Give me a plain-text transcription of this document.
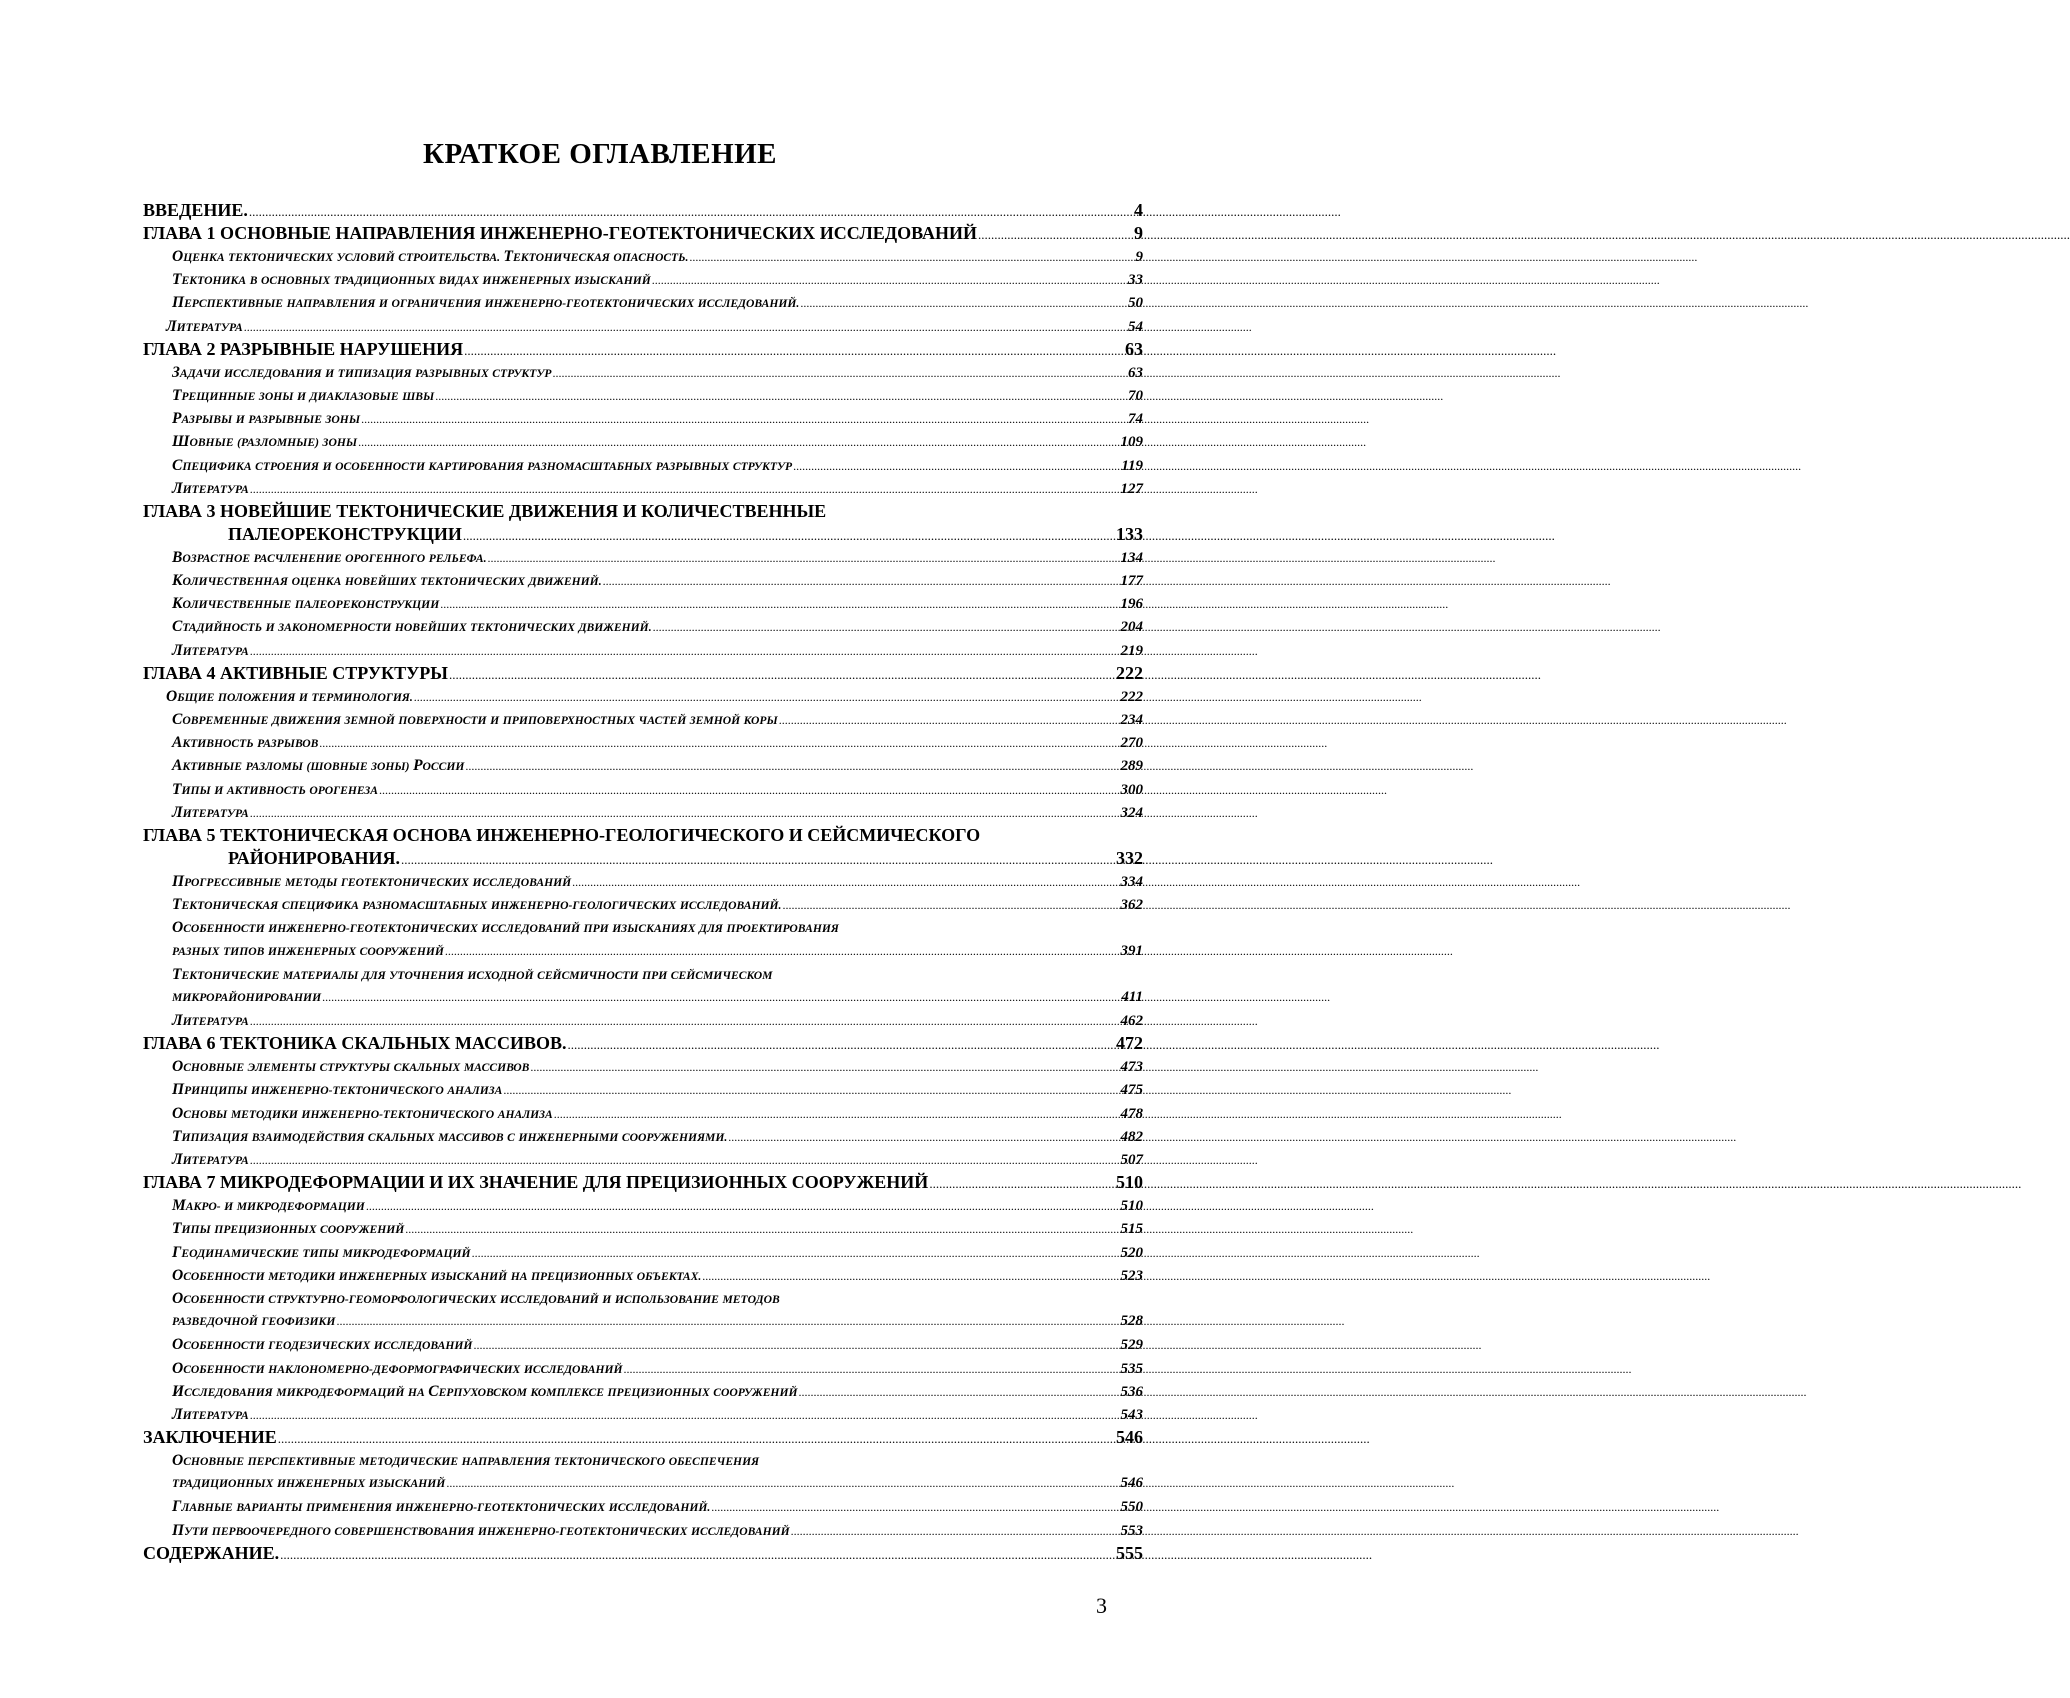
КРАТКОЕ ОГЛАВЛЕНИЕ
ВВЕДЕНИЕ.
.....	4
ГЛАВА 1 ОСНОВНЫЕ НАПРАВЛЕНИЯ ИНЖЕНЕРНО-ГЕОТЕКТОНИЧЕСКИХ ИССЛЕДОВАНИЙ
.....	9
ОЦЕНКА ТЕКТОНИЧЕСКИХ УСЛОВИЙ СТРОИТЕЛЬСТВА. ТЕКТОНИЧЕСКАЯ ОПАСНОСТЬ.
.....	9
ТЕКТОНИКА В ОСНОВНЫХ ТРАДИЦИОННЫХ ВИДАХ ИНЖЕНЕРНЫХ ИЗЫСКАНИЙ
.....	33
ПЕРСПЕКТИВНЫЕ НАПРАВЛЕНИЯ И ОГРАНИЧЕНИЯ ИНЖЕНЕРНО-ГЕОТЕКТОНИЧЕСКИХ ИССЛЕДОВАНИЙ.
.....	50
ЛИТЕРАТУРА
.....	54
ГЛАВА 2 РАЗРЫВНЫЕ НАРУШЕНИЯ
.....	63
ЗАДАЧИ ИССЛЕДОВАНИЯ И ТИПИЗАЦИЯ РАЗРЫВНЫХ СТРУКТУР
.....	63
ТРЕЩИННЫЕ ЗОНЫ И ДИАКЛАЗОВЫЕ ШВЫ
.....	70
РАЗРЫВЫ И РАЗРЫВНЫЕ ЗОНЫ
.....	74
ШОВНЫЕ (РАЗЛОМНЫЕ) ЗОНЫ
.....	109
СПЕЦИФИКА СТРОЕНИЯ И ОСОБЕННОСТИ КАРТИРОВАНИЯ РАЗНОМАСШТАБНЫХ РАЗРЫВНЫХ СТРУКТУР
.....	119
ЛИТЕРАТУРА
.....	127
ГЛАВА 3 НОВЕЙШИЕ ТЕКТОНИЧЕСКИЕ ДВИЖЕНИЯ И КОЛИЧЕСТВЕННЫЕ
ПАЛЕОРЕКОНСТРУКЦИИ
.....	133
ВОЗРАСТНОЕ РАСЧЛЕНЕНИЕ ОРОГЕННОГО РЕЛЬЕФА.
.....	134
КОЛИЧЕСТВЕННАЯ ОЦЕНКА НОВЕЙШИХ ТЕКТОНИЧЕСКИХ ДВИЖЕНИЙ.
.....	177
КОЛИЧЕСТВЕННЫЕ ПАЛЕОРЕКОНСТРУКЦИИ
.....	196
СТАДИЙНОСТЬ И ЗАКОНОМЕРНОСТИ НОВЕЙШИХ ТЕКТОНИЧЕСКИХ ДВИЖЕНИЙ.
.....	204
ЛИТЕРАТУРА
.....	219
ГЛАВА 4 АКТИВНЫЕ СТРУКТУРЫ
.....	222
ОБЩИЕ ПОЛОЖЕНИЯ И ТЕРМИНОЛОГИЯ.
.....	222
СОВРЕМЕННЫЕ ДВИЖЕНИЯ ЗЕМНОЙ ПОВЕРХНОСТИ И ПРИПОВЕРХНОСТНЫХ ЧАСТЕЙ ЗЕМНОЙ КОРЫ
.....	234
АКТИВНОСТЬ РАЗРЫВОВ
.....	270
АКТИВНЫЕ РАЗЛОМЫ (ШОВНЫЕ ЗОНЫ) РОССИИ
.....	289
ТИПЫ И АКТИВНОСТЬ ОРОГЕНЕЗА
.....	300
ЛИТЕРАТУРА
.....	324
ГЛАВА 5 ТЕКТОНИЧЕСКАЯ ОСНОВА ИНЖЕНЕРНО-ГЕОЛОГИЧЕСКОГО И СЕЙСМИЧЕСКОГО
РАЙОНИРОВАНИЯ.
.....	332
ПРОГРЕССИВНЫЕ МЕТОДЫ ГЕОТЕКТОНИЧЕСКИХ ИССЛЕДОВАНИЙ
.....	334
ТЕКТОНИЧЕСКАЯ СПЕЦИФИКА РАЗНОМАСШТАБНЫХ ИНЖЕНЕРНО-ГЕОЛОГИЧЕСКИХ ИССЛЕДОВАНИЙ.
.....	362
ОСОБЕННОСТИ ИНЖЕНЕРНО-ГЕОТЕКТОНИЧЕСКИХ ИССЛЕДОВАНИЙ ПРИ ИЗЫСКАНИЯХ ДЛЯ ПРОЕКТИРОВАНИЯ
РАЗНЫХ ТИПОВ ИНЖЕНЕРНЫХ СООРУЖЕНИЙ
.....	391
ТЕКТОНИЧЕСКИЕ МАТЕРИАЛЫ ДЛЯ УТОЧНЕНИЯ ИСХОДНОЙ СЕЙСМИЧНОСТИ ПРИ СЕЙСМИЧЕСКОМ
МИКРОРАЙОНИРОВАНИИ
.....	411
ЛИТЕРАТУРА
.....	462
ГЛАВА 6 ТЕКТОНИКА СКАЛЬНЫХ МАССИВОВ.
.....	472
ОСНОВНЫЕ ЭЛЕМЕНТЫ СТРУКТУРЫ СКАЛЬНЫХ МАССИВОВ
.....	473
ПРИНЦИПЫ ИНЖЕНЕРНО-ТЕКТОНИЧЕСКОГО АНАЛИЗА
.....	475
ОСНОВЫ МЕТОДИКИ ИНЖЕНЕРНО-ТЕКТОНИЧЕСКОГО АНАЛИЗА
.....	478
ТИПИЗАЦИЯ ВЗАИМОДЕЙСТВИЯ СКАЛЬНЫХ МАССИВОВ С ИНЖЕНЕРНЫМИ СООРУЖЕНИЯМИ.
.....	482
ЛИТЕРАТУРА
.....	507
ГЛАВА 7 МИКРОДЕФОРМАЦИИ И ИХ ЗНАЧЕНИЕ ДЛЯ ПРЕЦИЗИОННЫХ СООРУЖЕНИЙ
.....	510
МАКРО- И МИКРОДЕФОРМАЦИИ
.....	510
ТИПЫ ПРЕЦИЗИОННЫХ СООРУЖЕНИЙ
.....	515
ГЕОДИНАМИЧЕСКИЕ ТИПЫ МИКРОДЕФОРМАЦИЙ
.....	520
ОСОБЕННОСТИ МЕТОДИКИ ИНЖЕНЕРНЫХ ИЗЫСКАНИЙ НА ПРЕЦИЗИОННЫХ ОБЪЕКТАХ.
.....	523
ОСОБЕННОСТИ СТРУКТУРНО-ГЕОМОРФОЛОГИЧЕСКИХ ИССЛЕДОВАНИЙ И ИСПОЛЬЗОВАНИЕ МЕТОДОВ
РАЗВЕДОЧНОЙ ГЕОФИЗИКИ
.....	528
ОСОБЕННОСТИ ГЕОДЕЗИЧЕСКИХ ИССЛЕДОВАНИЙ
.....	529
ОСОБЕННОСТИ НАКЛОНОМЕРНО-ДЕФОРМОГРАФИЧЕСКИХ ИССЛЕДОВАНИЙ
.....	535
ИССЛЕДОВАНИЯ МИКРОДЕФОРМАЦИЙ НА СЕРПУХОВСКОМ КОМПЛЕКСЕ ПРЕЦИЗИОННЫХ СООРУЖЕНИЙ
.....	536
ЛИТЕРАТУРА
.....	543
ЗАКЛЮЧЕНИЕ
.....	546
ОСНОВНЫЕ ПЕРСПЕКТИВНЫЕ МЕТОДИЧЕСКИЕ НАПРАВЛЕНИЯ ТЕКТОНИЧЕСКОГО ОБЕСПЕЧЕНИЯ
ТРАДИЦИОННЫХ ИНЖЕНЕРНЫХ ИЗЫСКАНИЙ
.....	546
ГЛАВНЫЕ ВАРИАНТЫ ПРИМЕНЕНИЯ ИНЖЕНЕРНО-ГЕОТЕКТОНИЧЕСКИХ ИССЛЕДОВАНИЙ.
.....	550
ПУТИ ПЕРВООЧЕРЕДНОГО СОВЕРШЕНСТВОВАНИЯ ИНЖЕНЕРНО-ГЕОТЕКТОНИЧЕСКИХ ИССЛЕДОВАНИЙ
.....	553
СОДЕРЖАНИЕ.
.....	555
3
